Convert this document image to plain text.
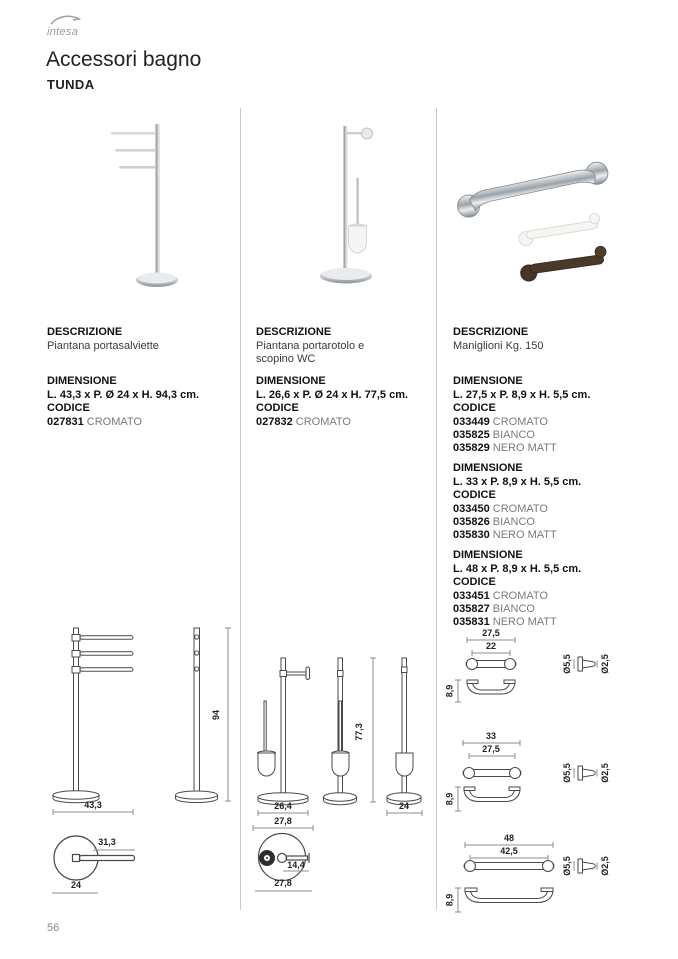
intesa
Accessori bagno
TUNDA
DESCRIZIONE
Piantana portasalviette
DIMENSIONE
L. 43,3 x P. Ø 24 x H. 94,3 cm.
CODICE
027831 CROMATO
DESCRIZIONE
Piantana portarotolo e
scopino WC
DIMENSIONE
L. 26,6 x P. Ø 24 x H. 77,5 cm.
CODICE
027832 CROMATO
DESCRIZIONE
Maniglioni Kg. 150
DIMENSIONE
L. 27,5 x P. 8,9 x H. 5,5 cm.
CODICE
033449 CROMATO
035825 BIANCO
035829 NERO MATT
DIMENSIONE
L. 33 x P. 8,9 x H. 5,5 cm.
CODICE
033450 CROMATO
035826 BIANCO
035830 NERO MATT
DIMENSIONE
L. 48 x P. 8,9 x H. 5,5 cm.
CODICE
033451 CROMATO
035827 BIANCO
035831 NERO MATT
43,3
94
31,3
24
26,4
27,8
77,3
24
14,4
27,8
27,5
22
8,9
Ø5,5	Ø2,5
33
27,5
8,9
Ø5,5	Ø2,5
48
42,5
8,9
Ø5,5	Ø2,5
56
